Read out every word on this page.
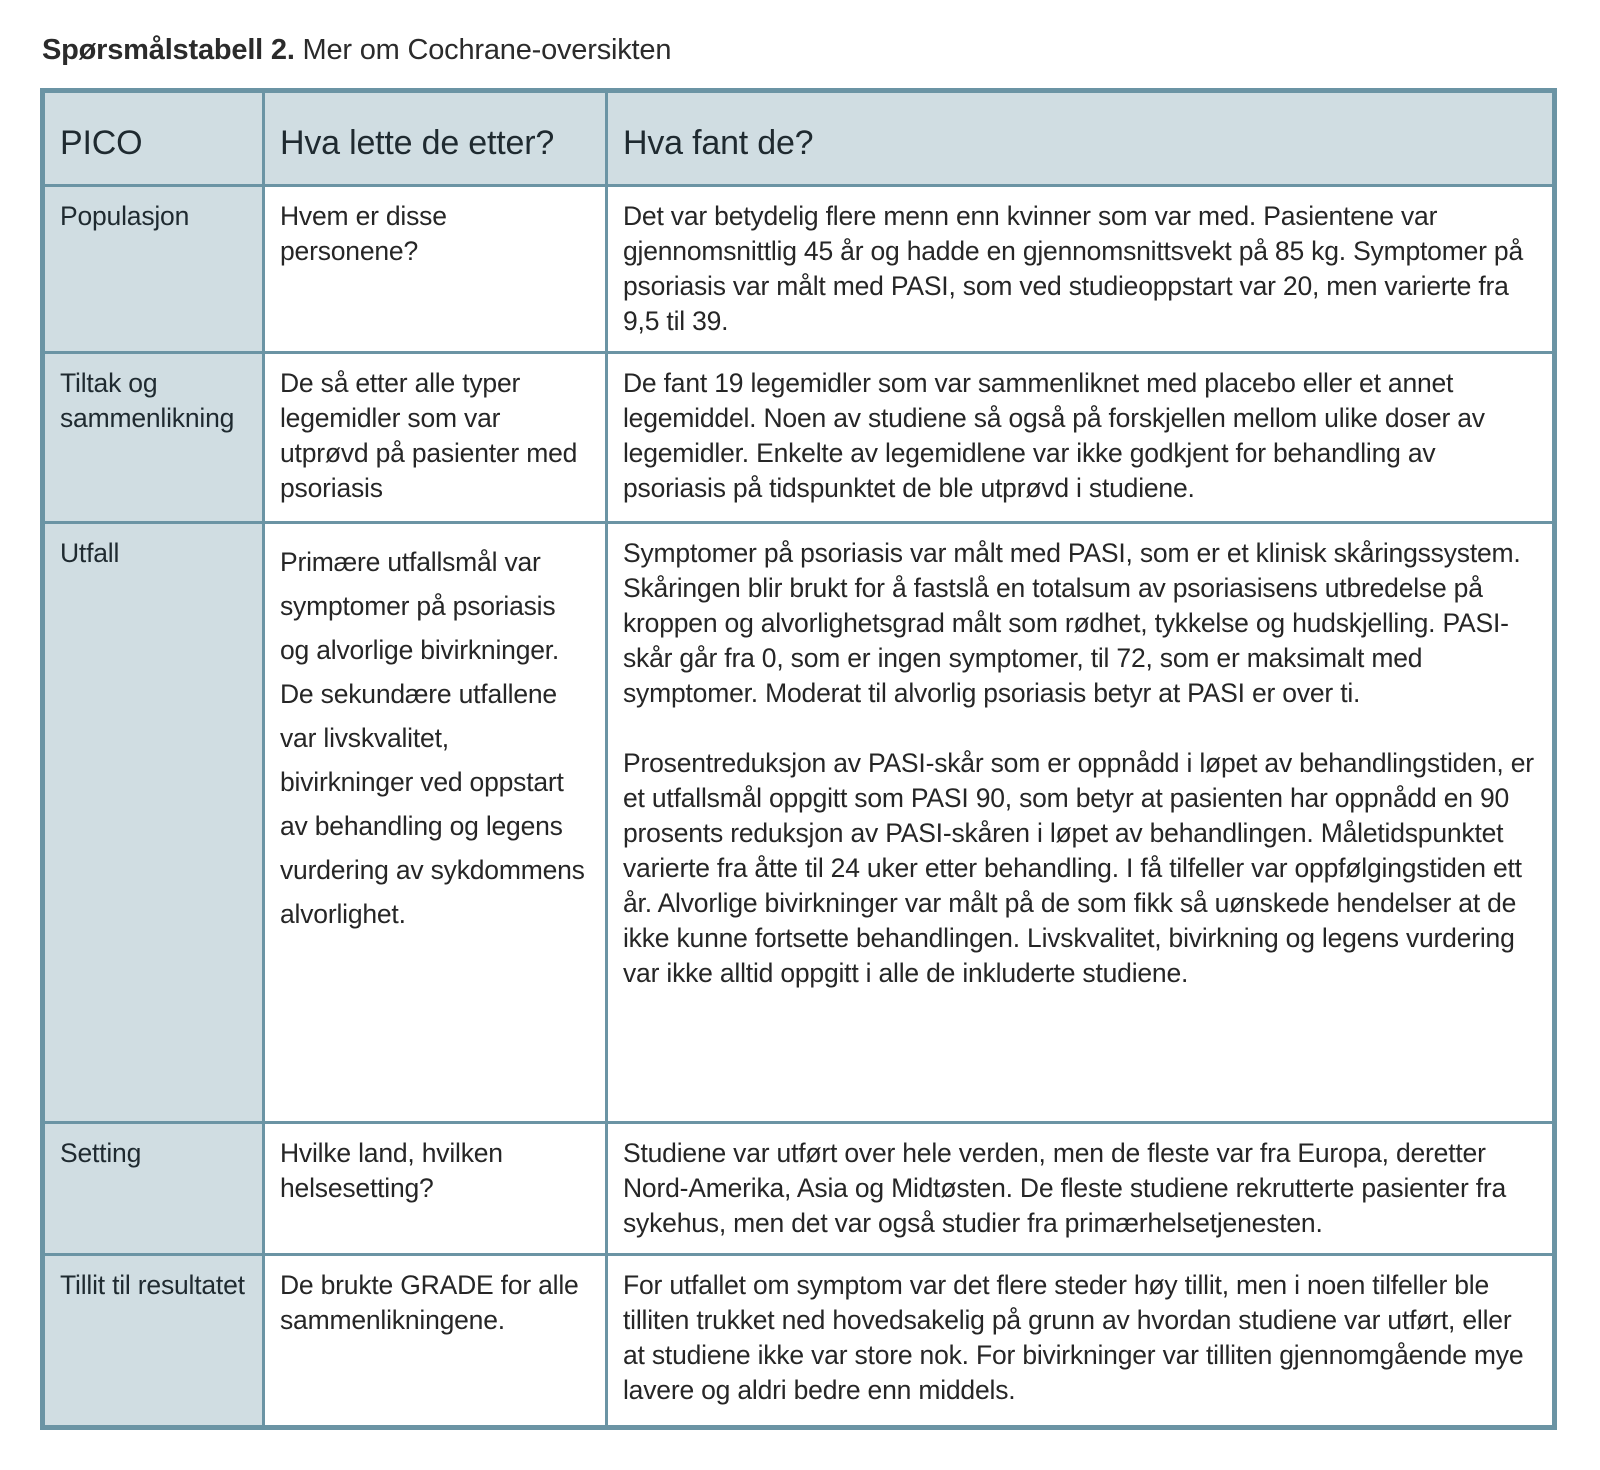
Spørsmålstabell 2. Mer om Cochrane-oversikten

PICO	Hva lette de etter?	Hva fant de?
Populasjon	Hvem er disse personene?	Det var betydelig flere menn enn kvinner som var med. Pasientene var gjennomsnittlig 45 år og hadde en gjennomsnittsvekt på 85 kg. Symptomer på psoriasis var målt med PASI, som ved studieoppstart var 20, men varierte fra 9,5 til 39.

Tiltak og sammenlikning	De så etter alle typer legemidler som var utprøvd på pasienter med psoriasis	De fant 19 legemidler som var sammenliknet med placebo eller et annet legemiddel. Noen av studiene så også på forskjellen mellom ulike doser av legemidler. Enkelte av legemidlene var ikke godkjent for behandling av psoriasis på tidspunktet de ble utprøvd i studiene.

Utfall	Primære utfallsmål var symptomer på psoriasis og alvorlige bivirkninger. De sekundære utfallene var livskvalitet, bivirkninger ved oppstart av behandling og legens vurdering av sykdommens alvorlighet.	Symptomer på psoriasis var målt med PASI, som er et klinisk skåringssystem. Skåringen blir brukt for å fastslå en totalsum av psoriasisens utbredelse på kroppen og alvorlighetsgrad målt som rødhet, tykkelse og hudskjelling. PASI-skår går fra 0, som er ingen symptomer, til 72, som er maksimalt med symptomer. Moderat til alvorlig psoriasis betyr at PASI er over ti.

Prosentreduksjon av PASI-skår som er oppnådd i løpet av behandlingstiden, er et utfallsmål oppgitt som PASI 90, som betyr at pasienten har oppnådd en 90 prosents reduksjon av PASI-skåren i løpet av behandlingen. Måletidspunktet varierte fra åtte til 24 uker etter behandling. I få tilfeller var oppfølgingstiden ett år. Alvorlige bivirkninger var målt på de som fikk så uønskede hendelser at de ikke kunne fortsette behandlingen. Livskvalitet, bivirkning og legens vurdering var ikke alltid oppgitt i alle de inkluderte studiene.

Setting	Hvilke land, hvilken helsesetting?	Studiene var utført over hele verden, men de fleste var fra Europa, deretter Nord-Amerika, Asia og Midtøsten. De fleste studiene rekrutterte pasienter fra sykehus, men det var også studier fra primærhelsetjenesten.

Tillit til resultatet	De brukte GRADE for alle sammenlikningene.	For utfallet om symptom var det flere steder høy tillit, men i noen tilfeller ble tilliten trukket ned hovedsakelig på grunn av hvordan studiene var utført, eller at studiene ikke var store nok. For bivirkninger var tilliten gjennomgående mye lavere og aldri bedre enn middels.
